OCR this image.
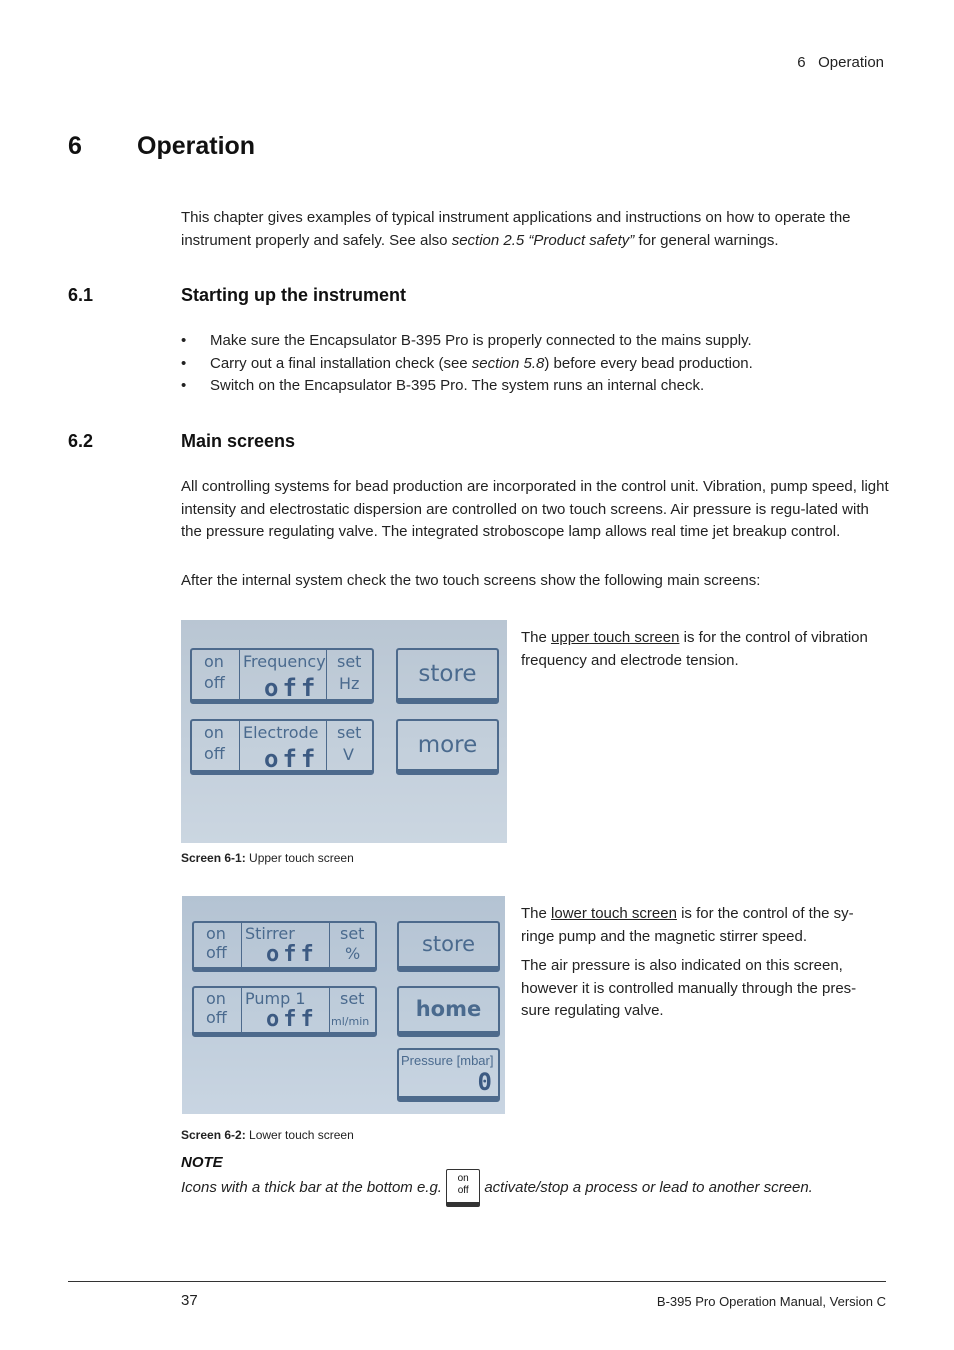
6   Operation
6 Operation
This chapter gives examples of typical instrument applications and instructions on how to operate the instrument properly and safely. See also section 2.5 “Product safety” for general warnings.
6.1	Starting up the instrument
• Make sure the Encapsulator B-395 Pro is properly connected to the mains supply.
• Carry out a final installation check (see section 5.8) before every bead production.
• Switch on the Encapsulator B-395 Pro. The system runs an internal check.
6.2	Main screens
All controlling systems for bead production are incorporated in the control unit. Vibration, pump speed, light intensity and electrostatic dispersion are controlled on two touch screens. Air pressure is regu-lated with the pressure regulating valve. The integrated stroboscope lamp allows real time jet breakup control.
After the internal system check the two touch screens show the following main screens:
on
off
Frequency
off
set
Hz
on
off
Electrode
off
set
V
store
more
The upper touch screen is for the control of vibration frequency and electrode tension.
Screen 6-1: Upper touch screen
on
off
Stirrer
off
set
%
on
off
Pump 1
off
set
ml/min
store
home
Pressure [mbar]
0

The lower touch screen is for the control of the sy-ringe pump and the magnetic stirrer speed.

The air pressure is also indicated on this screen, however it is controlled manually through the pres-sure regulating valve.

Screen 6-2: Lower touch screen
NOTE
Icons with a thick bar at the bottom e.g. on
off activate/stop a process or lead to another screen.
37	B-395 Pro Operation Manual, Version C
